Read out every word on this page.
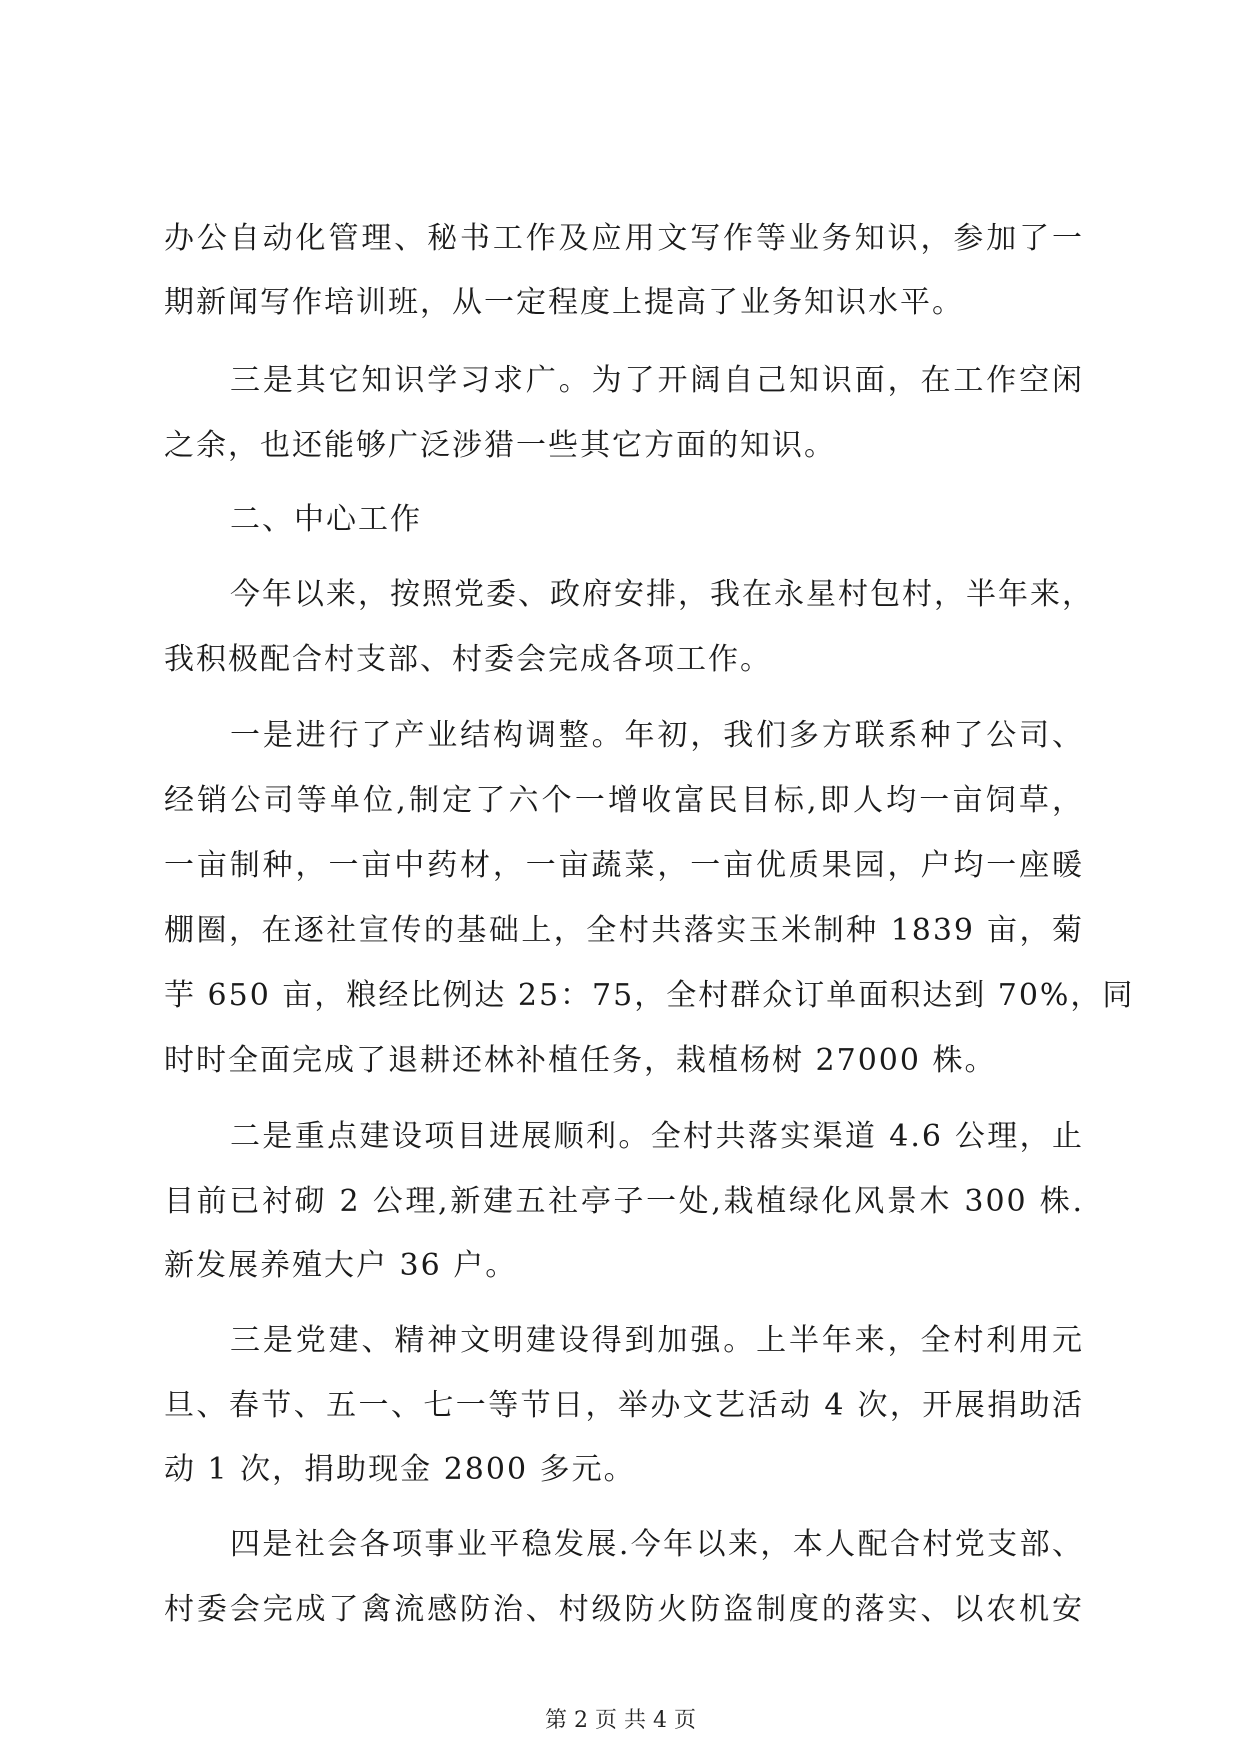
办公自动化管理、秘书工作及应用文写作等业务知识，参加了一
期新闻写作培训班，从一定程度上提高了业务知识水平。
三是其它知识学习求广。为了开阔自己知识面，在工作空闲
之余，也还能够广泛涉猎一些其它方面的知识。
二、中心工作
今年以来，按照党委、政府安排，我在永星村包村，半年来，
我积极配合村支部、村委会完成各项工作。
一是进行了产业结构调整。年初，我们多方联系种了公司、
经销公司等单位,制定了六个一增收富民目标,即人均一亩饲草，
一亩制种，一亩中药材，一亩蔬菜，一亩优质果园，户均一座暖
棚圈，在逐社宣传的基础上，全村共落实玉米制种 1839 亩，菊
芋 650 亩，粮经比例达 25：75，全村群众订单面积达到 70%，同
时时全面完成了退耕还林补植任务，栽植杨树 27000 株。
二是重点建设项目进展顺利。全村共落实渠道 4.6 公理，止
目前已衬砌 2 公理,新建五社亭子一处,栽植绿化风景木 300 株.
新发展养殖大户 36 户。
三是党建、精神文明建设得到加强。上半年来，全村利用元
旦、春节、五一、七一等节日，举办文艺活动 4 次，开展捐助活
动 1 次，捐助现金 2800 多元。
四是社会各项事业平稳发展.今年以来，本人配合村党支部、
村委会完成了禽流感防治、村级防火防盗制度的落实、以农机安
第 2 页 共 4 页
